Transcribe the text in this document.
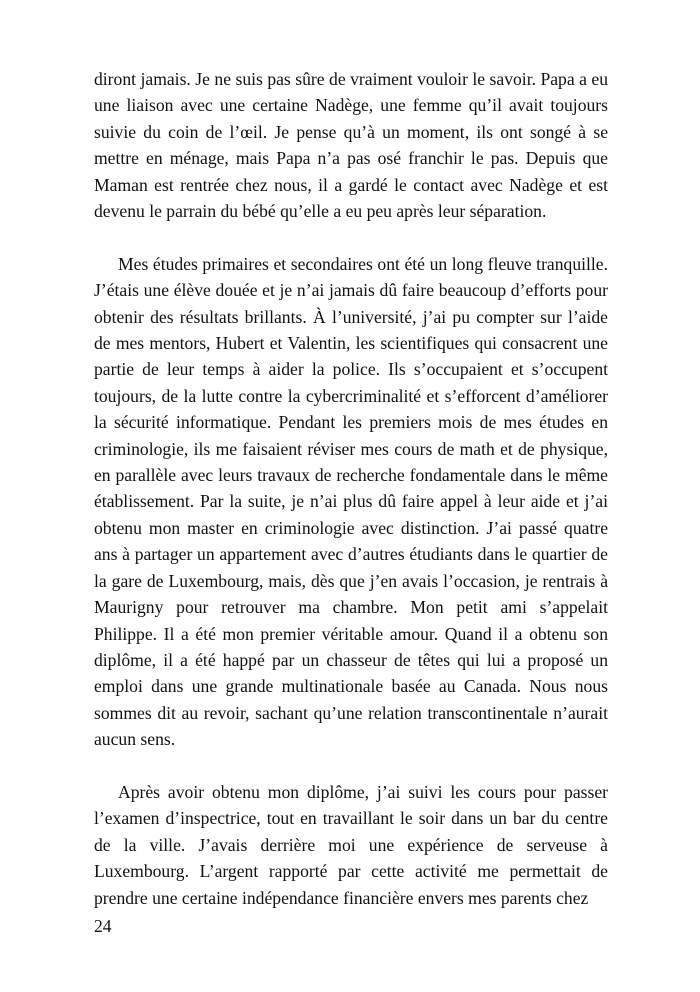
diront jamais. Je ne suis pas sûre de vraiment vouloir le savoir. Papa a eu une liaison avec une certaine Nadège, une femme qu’il avait toujours suivie du coin de l’œil. Je pense qu’à un moment, ils ont songé à se mettre en ménage, mais Papa n’a pas osé franchir le pas. Depuis que Maman est rentrée chez nous, il a gardé le contact avec Nadège et est devenu le parrain du bébé qu’elle a eu peu après leur séparation.

Mes études primaires et secondaires ont été un long fleuve tranquille. J’étais une élève douée et je n’ai jamais dû faire beaucoup d’efforts pour obtenir des résultats brillants. À l’université, j’ai pu compter sur l’aide de mes mentors, Hubert et Valentin, les scientifiques qui consacrent une partie de leur temps à aider la police. Ils s’occupaient et s’occupent toujours, de la lutte contre la cybercriminalité et s’efforcent d’améliorer la sécurité informatique. Pendant les premiers mois de mes études en criminologie, ils me faisaient réviser mes cours de math et de physique, en parallèle avec leurs travaux de recherche fondamentale dans le même établissement. Par la suite, je n’ai plus dû faire appel à leur aide et j’ai obtenu mon master en criminologie avec distinction. J’ai passé quatre ans à partager un appartement avec d’autres étudiants dans le quartier de la gare de Luxembourg, mais, dès que j’en avais l’occasion, je rentrais à Maurigny pour retrouver ma chambre. Mon petit ami s’appelait Philippe. Il a été mon premier véritable amour. Quand il a obtenu son diplôme, il a été happé par un chasseur de têtes qui lui a proposé un emploi dans une grande multinationale basée au Canada. Nous nous sommes dit au revoir, sachant qu’une relation transcontinentale n’aurait aucun sens.

Après avoir obtenu mon diplôme, j’ai suivi les cours pour passer l’examen d’inspectrice, tout en travaillant le soir dans un bar du centre de la ville. J’avais derrière moi une expérience de serveuse à Luxembourg. L’argent rapporté par cette activité me permettait de prendre une certaine indépendance financière envers mes parents chez

24
